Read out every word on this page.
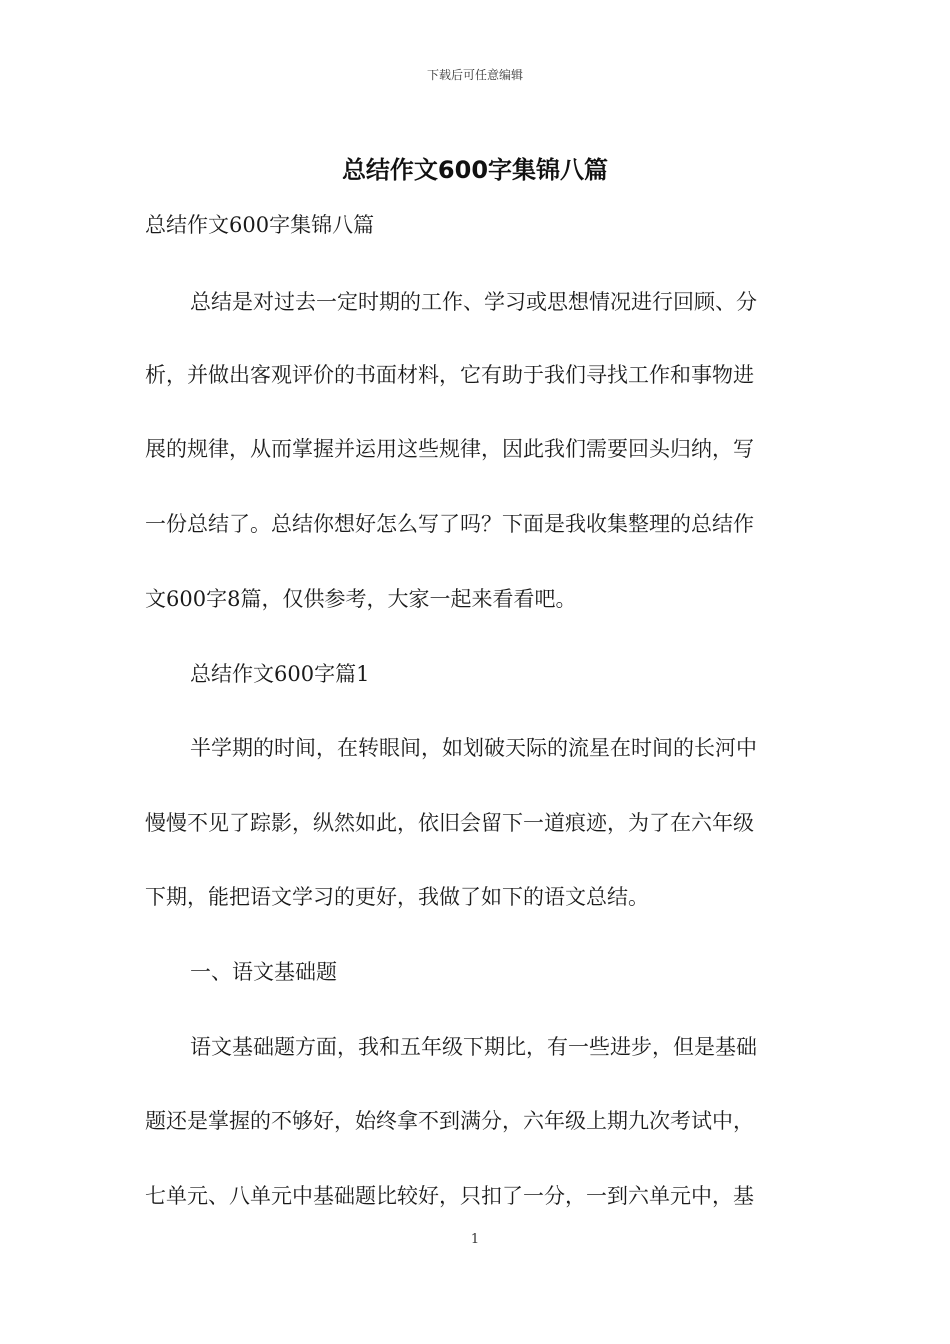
下载后可任意编辑
总结作文600字集锦八篇
总结作文600字集锦八篇
总结是对过去一定时期的工作、学习或思想情况进行回顾、分
析，并做出客观评价的书面材料，它有助于我们寻找工作和事物进
展的规律，从而掌握并运用这些规律，因此我们需要回头归纳，写
一份总结了。总结你想好怎么写了吗？下面是我收集整理的总结作
文600字8篇，仅供参考，大家一起来看看吧。
总结作文600字篇1
半学期的时间，在转眼间，如划破天际的流星在时间的长河中
慢慢不见了踪影，纵然如此，依旧会留下一道痕迹，为了在六年级
下期，能把语文学习的更好，我做了如下的语文总结。
一、语文基础题
语文基础题方面，我和五年级下期比，有一些进步，但是基础
题还是掌握的不够好，始终拿不到满分，六年级上期九次考试中，
七单元、八单元中基础题比较好，只扣了一分，一到六单元中，基
1
